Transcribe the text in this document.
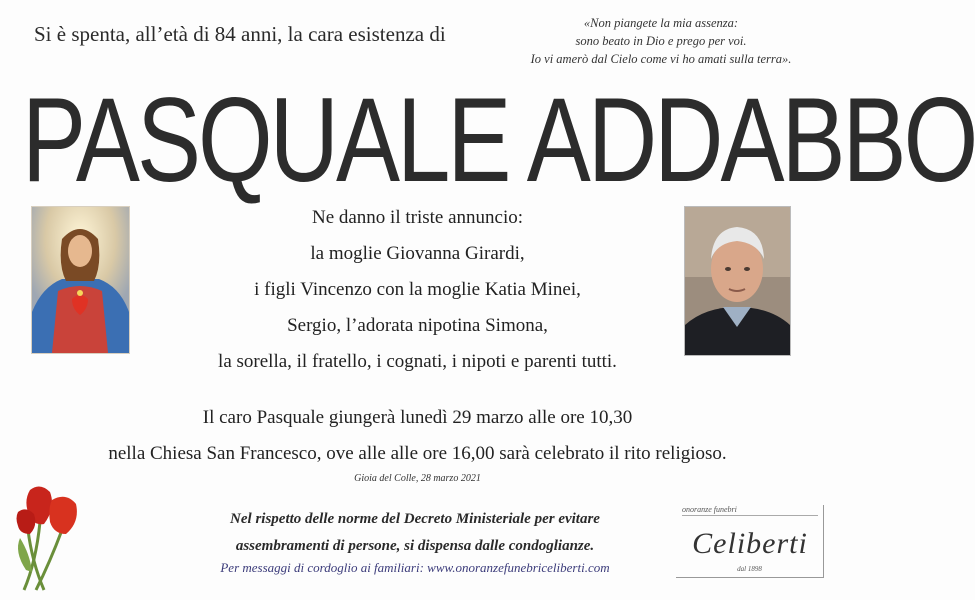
Si è spenta, all’età di 84 anni, la cara esistenza di	«Non piangete la mia assenza:
sono beato in Dio e prego per voi.
Io vi amerò dal Cielo come vi ho amati sulla terra».
PASQUALE ADDABBO
Ne danno il triste annuncio:
la moglie Giovanna Girardi,
i figli Vincenzo con la moglie Katia Minei,
Sergio, l’adorata nipotina Simona,
la sorella, il fratello, i cognati, i nipoti e parenti tutti.
Il caro Pasquale giungerà lunedì 29 marzo alle ore 10,30
nella Chiesa San Francesco, ove alle alle ore 16,00 sarà celebrato il rito religioso.
Gioia del Colle, 28 marzo 2021
Nel rispetto delle norme del Decreto Ministeriale per evitare
assembramenti di persone, si dispensa dalle condoglianze.
Per messaggi di cordoglio ai familiari: www.onoranzefunebriceliberti.com
onoranze funebri
Celiberti
dal 1898
